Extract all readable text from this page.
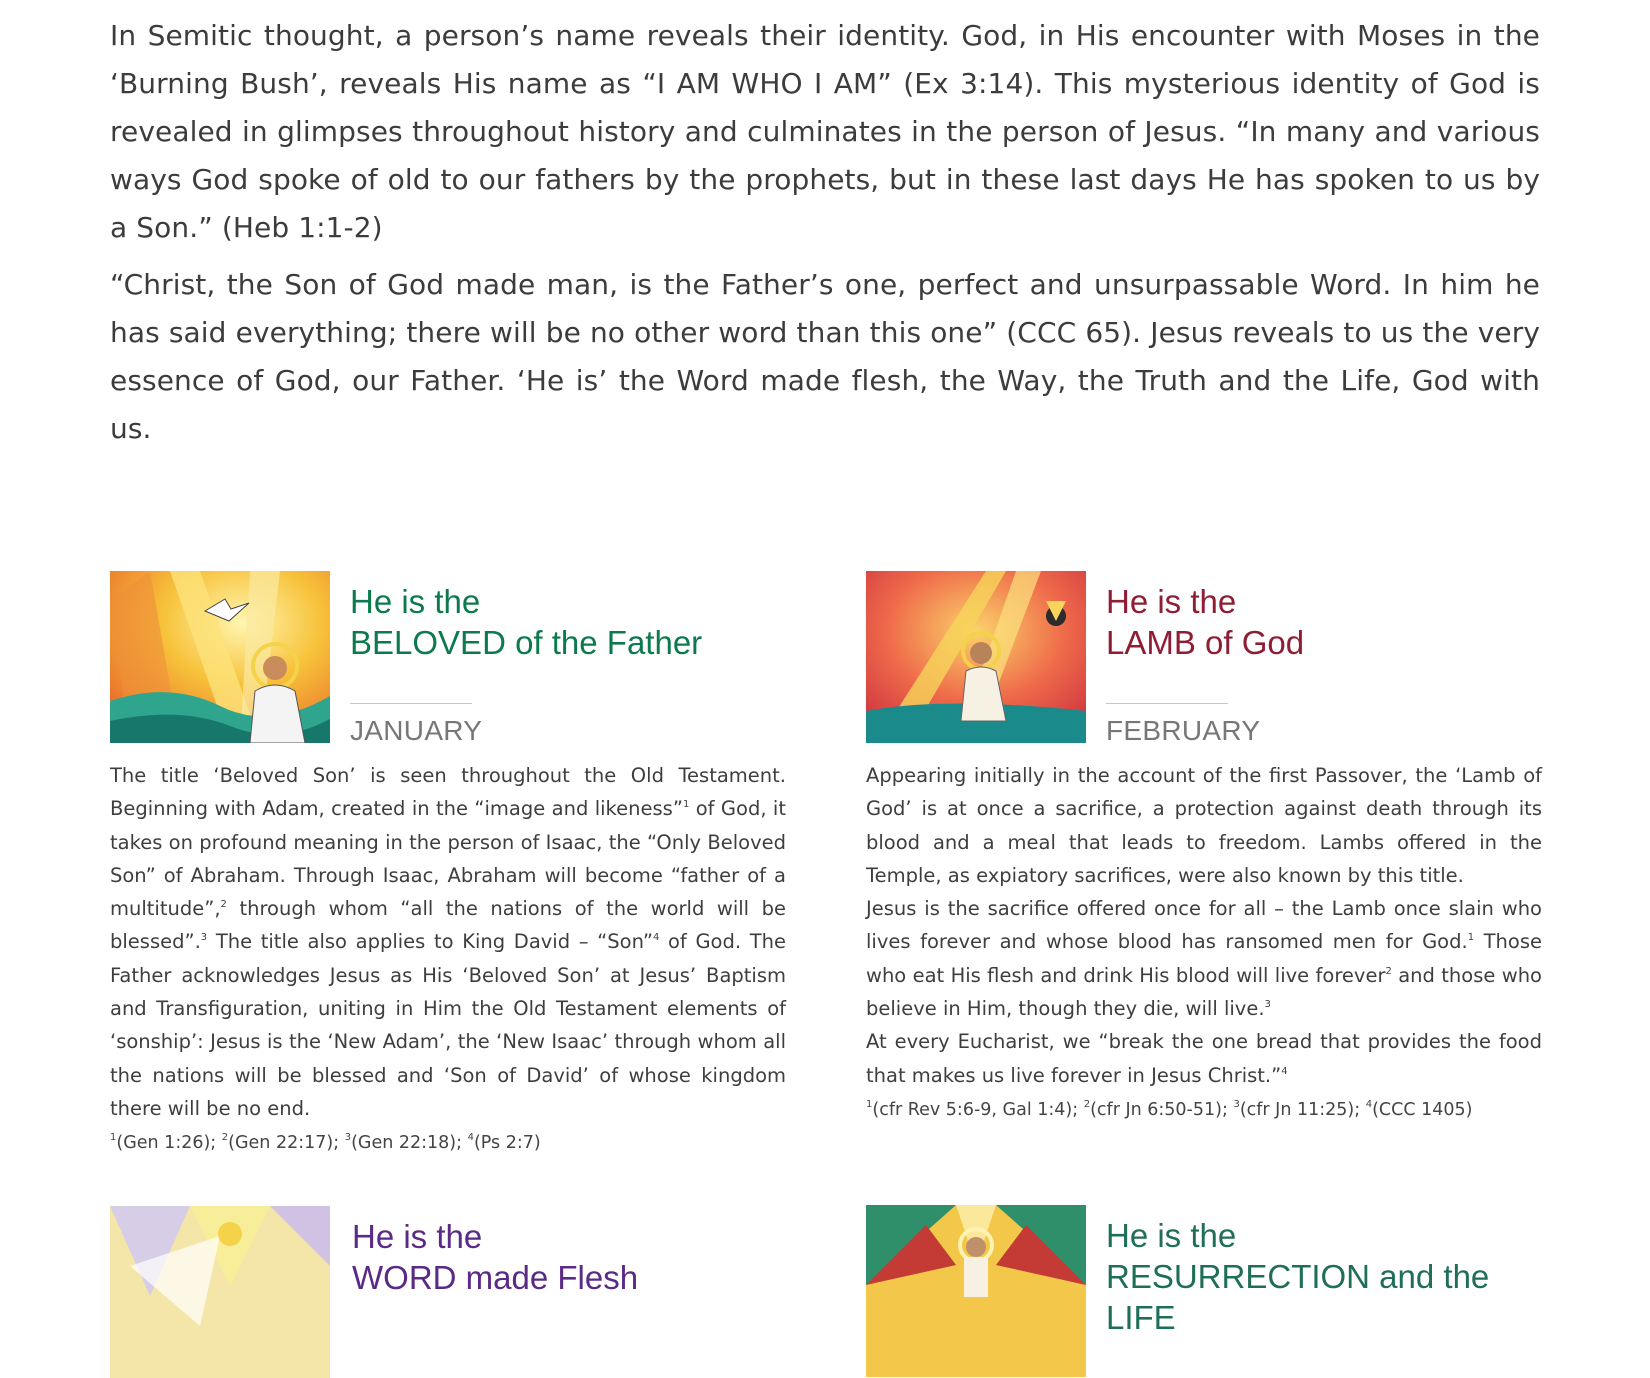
In Semitic thought, a person’s name reveals their identity. God, in His encounter with Moses in the ‘Burning Bush’, reveals His name as “I AM WHO I AM” (Ex 3:14). This mysterious identity of God is revealed in glimpses throughout history and culminates in the person of Jesus. “In many and various ways God spoke of old to our fathers by the prophets, but in these last days He has spoken to us by a Son.” (Heb 1:1-2)

“Christ, the Son of God made man, is the Father’s one, perfect and unsurpassable Word. In him he has said everything; there will be no other word than this one” (CCC 65). Jesus reveals to us the very essence of God, our Father. ‘He is’ the Word made flesh, the Way, the Truth and the Life, God with us.

He is the
BELOVED of the Father
JANUARY

The title ‘Beloved Son’ is seen throughout the Old Testament. Beginning with Adam, created in the “image and likeness”$^1$ of God, it takes on profound meaning in the person of Isaac, the “Only Beloved Son” of Abraham. Through Isaac, Abraham will become “father of a multitude”,$^2$ through whom “all the nations of the world will be blessed”.$^3$ The title also applies to King David – “Son”$^4$ of God. The Father acknowledges Jesus as His ‘Beloved Son’ at Jesus’ Baptism and Transfiguration, uniting in Him the Old Testament elements of ‘sonship’: Jesus is the ‘New Adam’, the ‘New Isaac’ through whom all the nations will be blessed and ‘Son of David’ of whose kingdom there will be no end.

$^1$(Gen 1:26); $^2$(Gen 22:17); $^3$(Gen 22:18); $^4$(Ps 2:7)
He is the
LAMB of God
FEBRUARY

Appearing initially in the account of the first Passover, the ‘Lamb of God’ is at once a sacrifice, a protection against death through its blood and a meal that leads to freedom. Lambs offered in the Temple, as expiatory sacrifices, were also known by this title.

Jesus is the sacrifice offered once for all – the Lamb once slain who lives forever and whose blood has ransomed men for God.$^1$ Those who eat His flesh and drink His blood will live forever$^2$ and those who believe in Him, though they die, will live.$^3$

At every Eucharist, we “break the one bread that provides the food that makes us live forever in Jesus Christ.”$^4$

$^1$(cfr Rev 5:6-9, Gal 1:4); $^2$(cfr Jn 6:50-51); $^3$(cfr Jn 11:25); $^4$(CCC 1405)
He is the
WORD made Flesh
He is the
RESURRECTION and the LIFE
